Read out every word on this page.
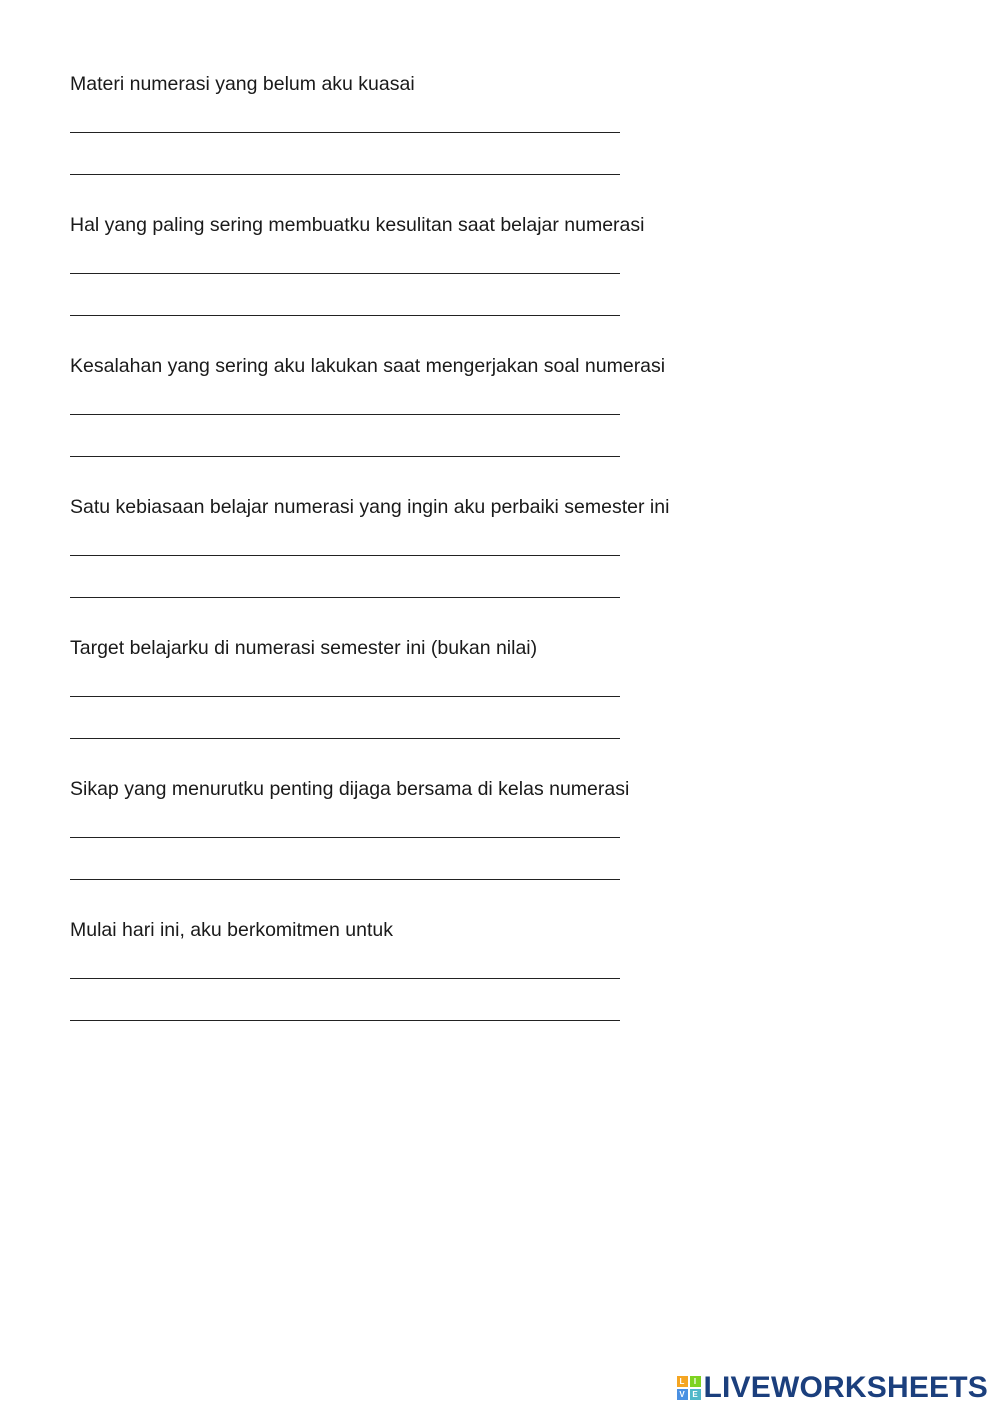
Materi numerasi yang belum aku kuasai
Hal yang paling sering membuatku kesulitan saat belajar numerasi
Kesalahan yang sering aku lakukan saat mengerjakan soal numerasi
Satu kebiasaan belajar numerasi yang ingin aku perbaiki semester ini
Target belajarku di numerasi semester ini (bukan nilai)
Sikap yang menurutku penting dijaga bersama di kelas numerasi
Mulai hari ini, aku berkomitmen untuk
L	I
V E LIVEWORKSHEETS
